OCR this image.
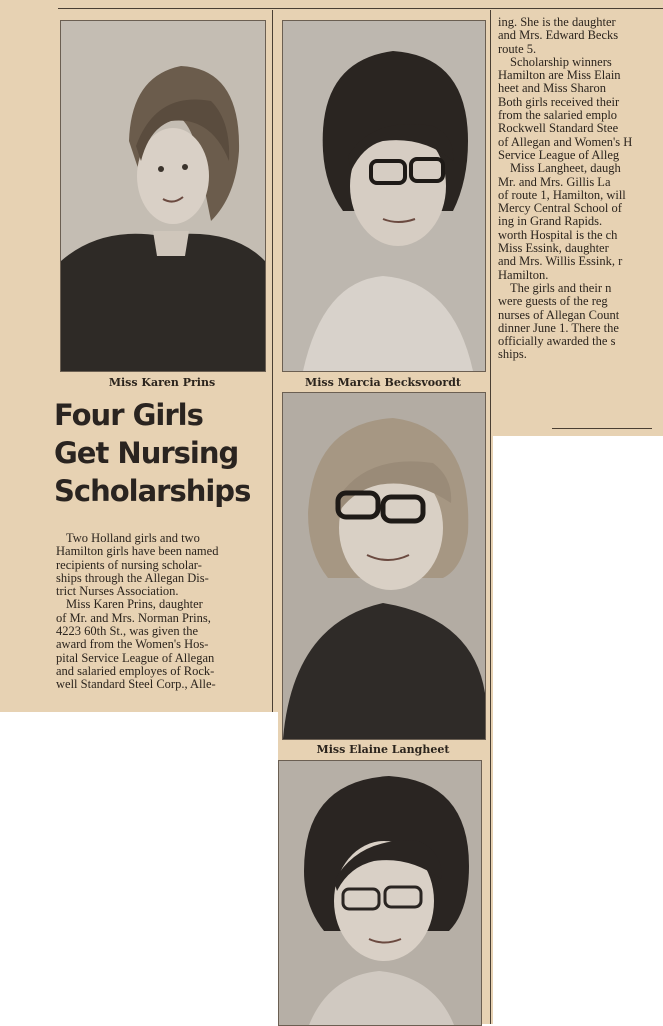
Miss Karen Prins	Miss Marcia Becksvoordt
Miss Elaine Langheet
Four Girls
Get Nursing
Scholarships
Two Holland girls and two
Hamilton girls have been named
recipients of nursing scholar-
ships through the Allegan Dis-
trict Nurses Association.
Miss Karen Prins, daughter
of Mr. and Mrs. Norman Prins,
4223 60th St., was given the
award from the Women's Hos-
pital Service League of Allegan
and salaried employes of Rock-
well Standard Steel Corp., Alle-
ing. She is the daughter
and Mrs. Edward Becks
route 5.
Scholarship winners
Hamilton are Miss Elain
heet and Miss Sharon
Both girls received their
from the salaried emplo
Rockwell Standard Stee
of Allegan and Women's H
Service League of Alleg
Miss Langheet, daugh
Mr. and Mrs. Gillis La
of route 1, Hamilton, will
Mercy Central School of
ing in Grand Rapids.
worth Hospital is the ch
Miss Essink, daughter
and Mrs. Willis Essink, r
Hamilton.
The girls and their n
were guests of the reg
nurses of Allegan Count
dinner June 1. There the
officially awarded the s
ships.
